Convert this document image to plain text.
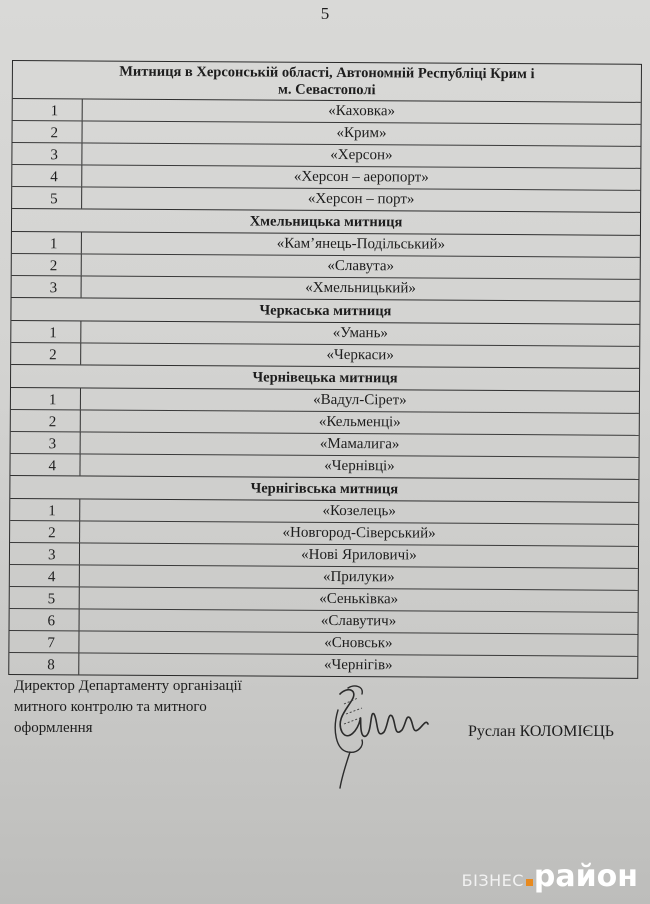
5
Митниця в Херсонській області, Автономній Республіці Крим і
м. Севастополі
1	«Каховка»
2	«Крим»
3	«Херсон»
4	«Херсон – аеропорт»
5	«Херсон – порт»
Хмельницька митниця
1	«Кам’янець-Подільський»
2	«Славута»
3	«Хмельницький»
Черкаська митниця
1	«Умань»
2	«Черкаси»
Чернівецька митниця
1	«Вадул-Сірет»
2	«Кельменці»
3	«Мамалига»
4	«Чернівці»
Чернігівська митниця
1	«Козелець»
2	«Новгород-Сіверський»
3	«Нові Яриловичі»
4	«Прилуки»
5	«Сеньківка»
6	«Славутич»
7	«Сновськ»
8	«Чернігів»
Директор Департаменту організації
митного контролю та митного
оформлення	Руслан КОЛОМІЄЦЬ
БІЗНЕС район
